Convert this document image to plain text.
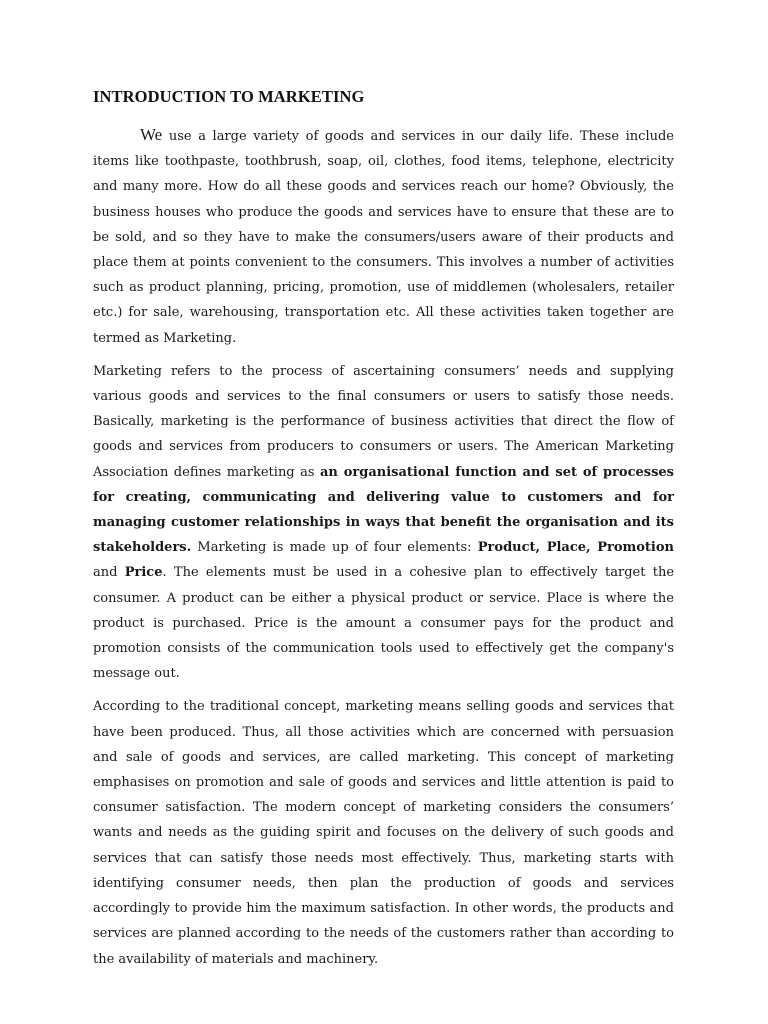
INTRODUCTION TO MARKETING

We use a large variety of goods and services in our daily life. These include items like toothpaste, toothbrush, soap, oil, clothes, food items, telephone, electricity and many more. How do all these goods and services reach our home? Obviously, the business houses who produce the goods and services have to ensure that these are to be sold, and so they have to make the consumers/users aware of their products and place them at points convenient to the consumers. This involves a number of activities such as product planning, pricing, promotion, use of middlemen (wholesalers, retailer etc.) for sale, warehousing, transportation etc. All these activities taken together are termed as Marketing.

Marketing refers to the process of ascertaining consumers’ needs and supplying various goods and services to the final consumers or users to satisfy those needs. Basically, marketing is the performance of business activities that direct the flow of goods and services from producers to consumers or users. The American Marketing Association defines marketing as an organisational function and set of processes for creating, communicating and delivering value to customers and for managing customer relationships in ways that benefit the organisation and its stakeholders. Marketing is made up of four elements: Product, Place, Promotion and Price. The elements must be used in a cohesive plan to effectively target the consumer. A product can be either a physical product or service. Place is where the product is purchased. Price is the amount a consumer pays for the product and promotion consists of the communication tools used to effectively get the company's message out.

According to the traditional concept, marketing means selling goods and services that have been produced. Thus, all those activities which are concerned with persuasion and sale of goods and services, are called marketing. This concept of marketing emphasises on promotion and sale of goods and services and little attention is paid to consumer satisfaction. The modern concept of marketing considers the consumers’ wants and needs as the guiding spirit and focuses on the delivery of such goods and services that can satisfy those needs most effectively. Thus, marketing starts with identifying consumer needs, then plan the production of goods and services accordingly to provide him the maximum satisfaction. In other words, the products and services are planned according to the needs of the customers rather than according to the availability of materials and machinery.
